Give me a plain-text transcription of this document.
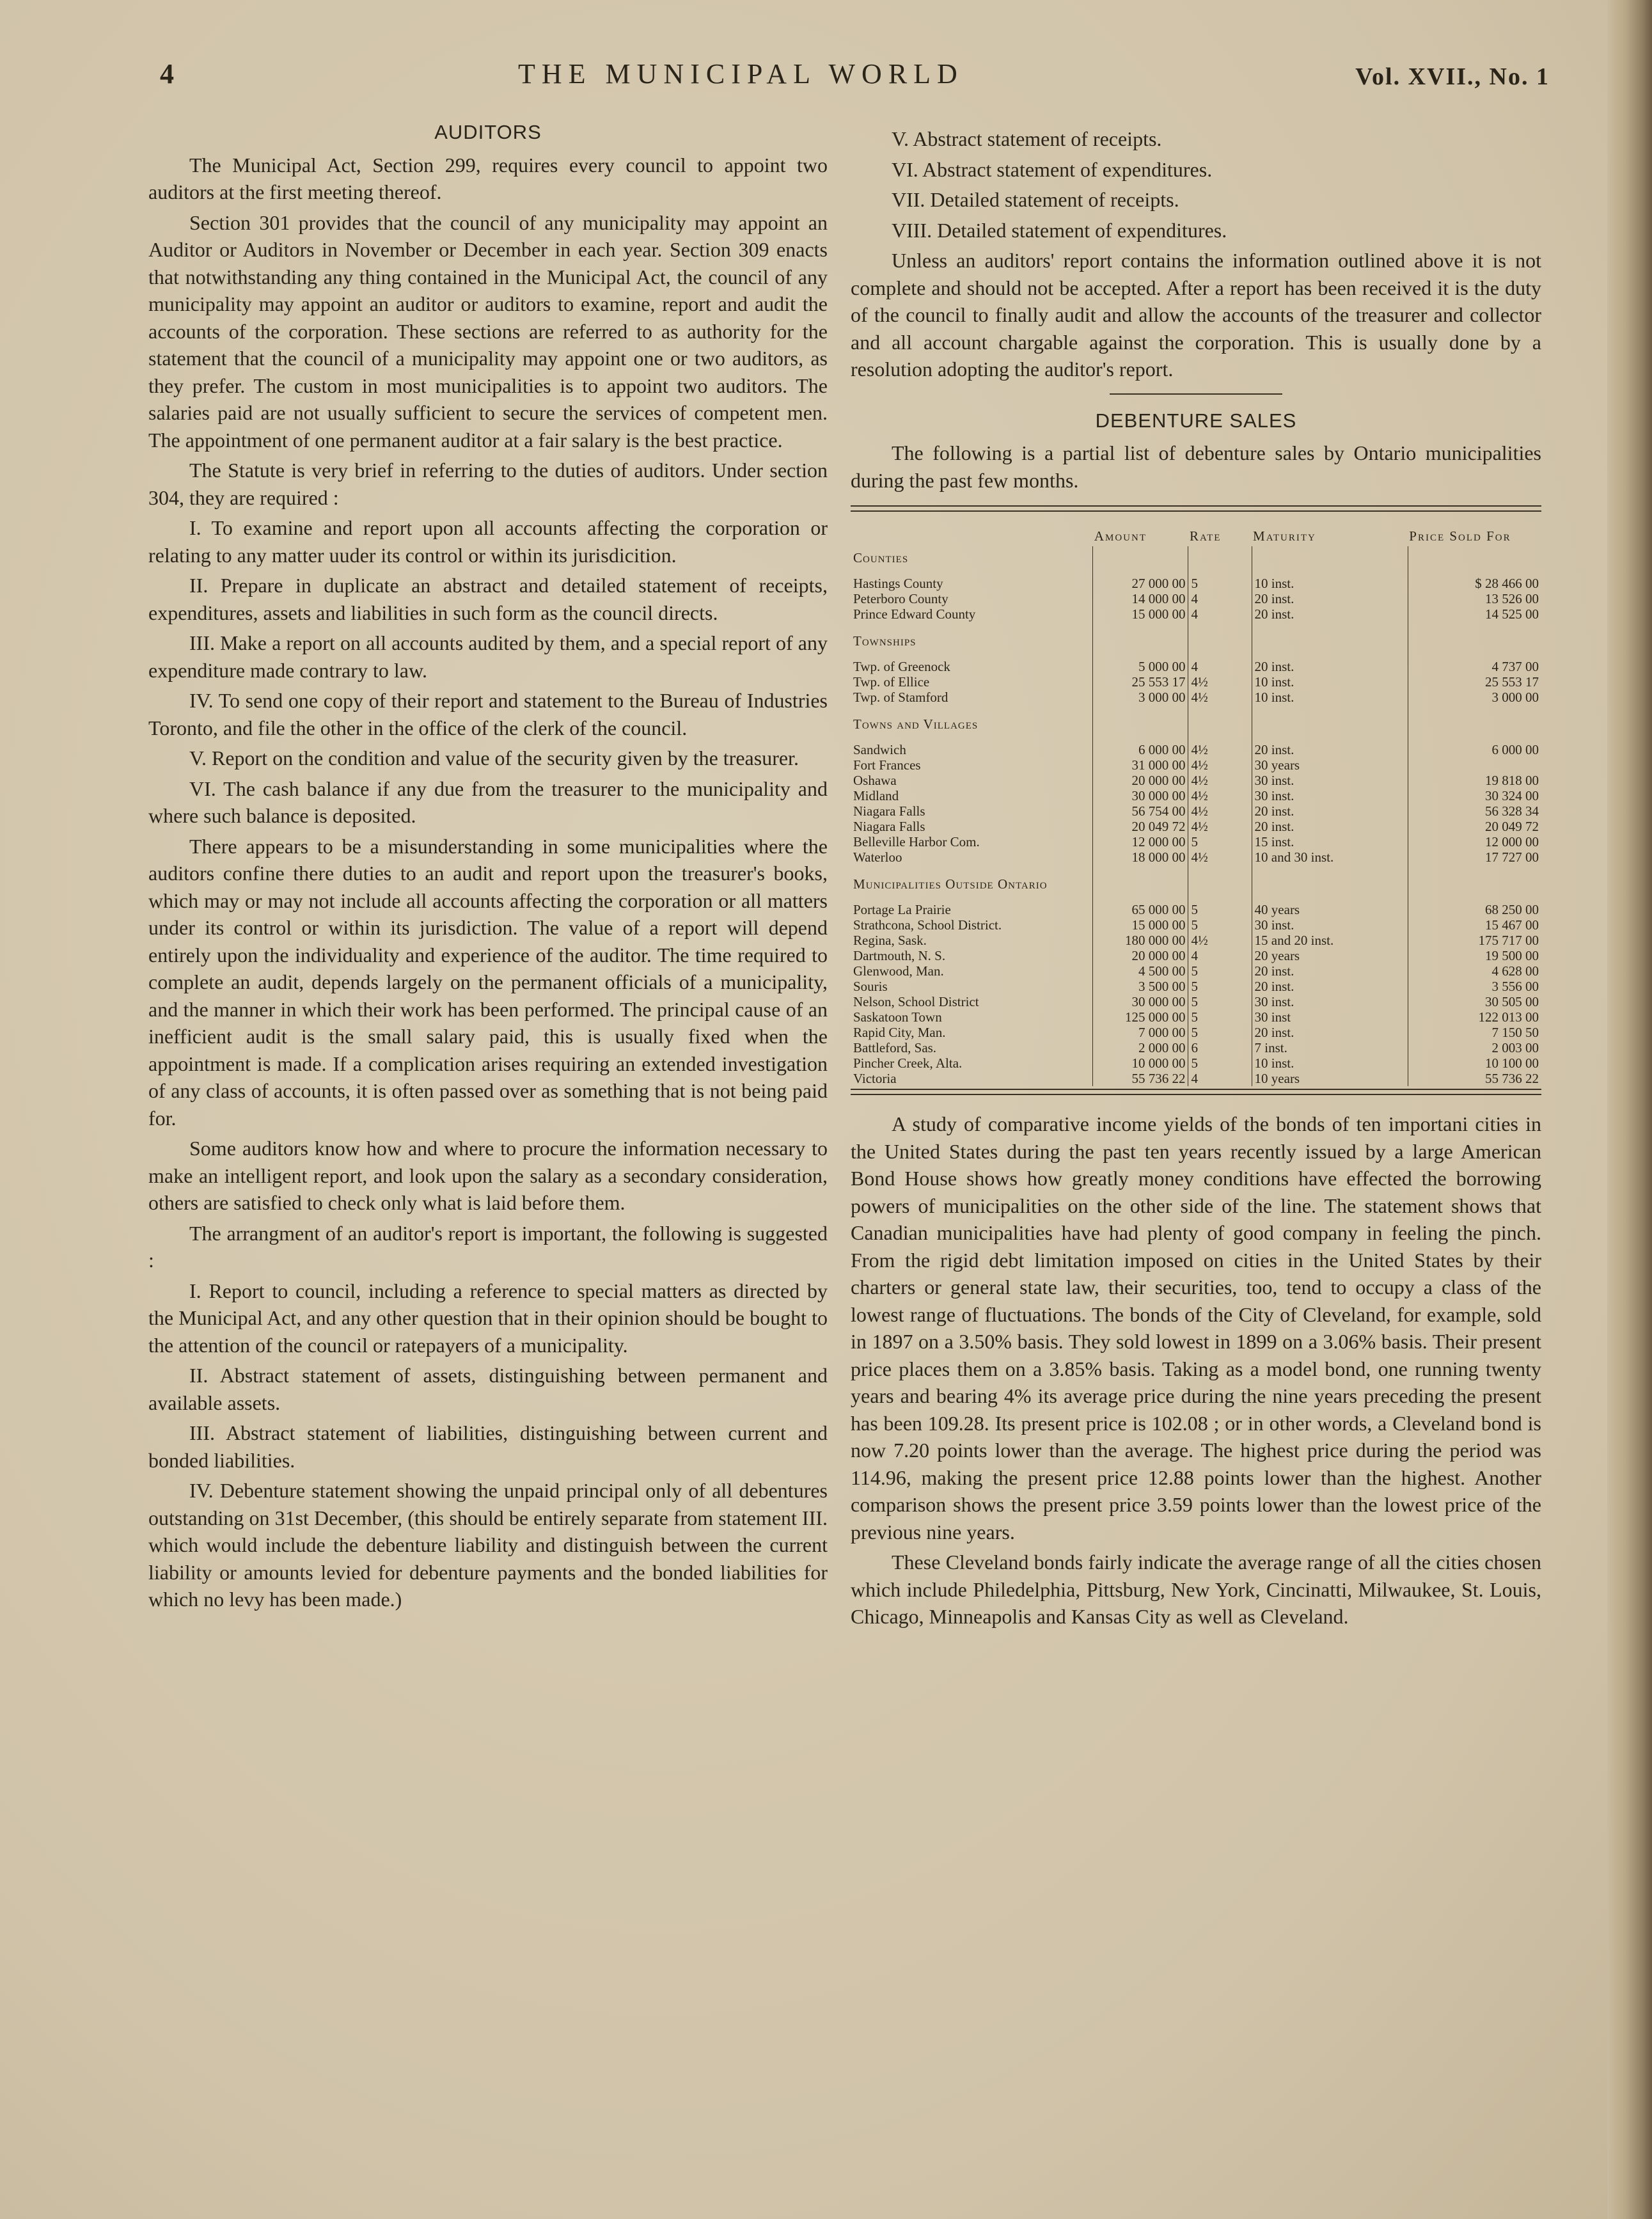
4	THE MUNICIPAL WORLD	Vol. XVII., No. 1
AUDITORS

The Municipal Act, Section 299, requires every council to appoint two auditors at the first meeting thereof.

Section 301 provides that the council of any municipality may appoint an Auditor or Auditors in November or December in each year. Section 309 enacts that notwithstanding any thing contained in the Municipal Act, the council of any municipality may appoint an auditor or auditors to examine, report and audit the accounts of the corporation. These sections are referred to as authority for the statement that the council of a municipality may appoint one or two auditors, as they prefer. The custom in most municipalities is to appoint two auditors. The salaries paid are not usually sufficient to secure the services of competent men. The appointment of one permanent auditor at a fair salary is the best practice.

The Statute is very brief in referring to the duties of auditors. Under section 304, they are required :

I. To examine and report upon all accounts affecting the corporation or relating to any matter uuder its control or within its jurisdicition.

II. Prepare in duplicate an abstract and detailed statement of receipts, expenditures, assets and liabilities in such form as the council directs.

III. Make a report on all accounts audited by them, and a special report of any expenditure made contrary to law.

IV. To send one copy of their report and statement to the Bureau of Industries Toronto, and file the other in the office of the clerk of the council.

V. Report on the condition and value of the security given by the treasurer.

VI. The cash balance if any due from the treasurer to the municipality and where such balance is deposited.

There appears to be a misunderstanding in some municipalities where the auditors confine there duties to an audit and report upon the treasurer's books, which may or may not include all accounts affecting the corporation or all matters under its control or within its jurisdiction. The value of a report will depend entirely upon the individuality and experience of the auditor. The time required to complete an audit, depends largely on the permanent officials of a municipality, and the manner in which their work has been performed. The principal cause of an inefficient audit is the small salary paid, this is usually fixed when the appointment is made. If a complication arises requiring an extended investigation of any class of accounts, it is often passed over as something that is not being paid for.

Some auditors know how and where to procure the information necessary to make an intelligent report, and look upon the salary as a secondary consideration, others are satisfied to check only what is laid before them.

The arrangment of an auditor's report is important, the following is suggested :

I. Report to council, including a reference to special matters as directed by the Municipal Act, and any other question that in their opinion should be bought to the attention of the council or ratepayers of a municipality.

II. Abstract statement of assets, distinguishing between permanent and available assets.

III. Abstract statement of liabilities, distinguishing between current and bonded liabilities.

IV. Debenture statement showing the unpaid principal only of all debentures outstanding on 31st December, (this should be entirely separate from statement III. which would include the debenture liability and distinguish between the current liability or amounts levied for debenture payments and the bonded liabilities for which no levy has been made.)

V. Abstract statement of receipts.

VI. Abstract statement of expenditures.

VII. Detailed statement of receipts.

VIII. Detailed statement of expenditures.

Unless an auditors' report contains the information outlined above it is not complete and should not be accepted. After a report has been received it is the duty of the council to finally audit and allow the accounts of the treasurer and collector and all account chargable against the corporation. This is usually done by a resolution adopting the auditor's report.

DEBENTURE SALES

The following is a partial list of debenture sales by Ontario municipalities during the past few months.

	Amount	Rate	Maturity	Price Sold For
Counties				
Hastings County	27 000 00	5	10 inst.	$ 28 466 00
Peterboro County	14 000 00	4	20 inst.	13 526 00
Prince Edward County	15 000 00	4	20 inst.	14 525 00
Townships				
Twp. of Greenock	5 000 00	4	20 inst.	4 737 00
Twp. of Ellice	25 553 17	4½	10 inst.	25 553 17
Twp. of Stamford	3 000 00	4½	10 inst.	3 000 00
Towns and Villages				
Sandwich	6 000 00	4½	20 inst.	6 000 00
Fort Frances	31 000 00	4½	30 years	
Oshawa	20 000 00	4½	30 inst.	19 818 00
Midland	30 000 00	4½	30 inst.	30 324 00
Niagara Falls	56 754 00	4½	20 inst.	56 328 34
Niagara Falls	20 049 72	4½	20 inst.	20 049 72
Belleville Harbor Com.	12 000 00	5	15 inst.	12 000 00
Waterloo	18 000 00	4½	10 and 30 inst.	17 727 00
Municipalities Outside Ontario				
Portage La Prairie	65 000 00	5	40 years	68 250 00
Strathcona, School District.	15 000 00	5	30 inst.	15 467 00
Regina, Sask.	180 000 00	4½	15 and 20 inst.	175 717 00
Dartmouth, N. S.	20 000 00	4	20 years	19 500 00
Glenwood, Man.	4 500 00	5	20 inst.	4 628 00
Souris	3 500 00	5	20 inst.	3 556 00
Nelson, School District	30 000 00	5	30 inst.	30 505 00
Saskatoon Town	125 000 00	5	30 inst	122 013 00
Rapid City, Man.	7 000 00	5	20 inst.	7 150 50
Battleford, Sas.	2 000 00	6	7 inst.	2 003 00
Pincher Creek, Alta.	10 000 00	5	10 inst.	10 100 00
Victoria	55 736 22	4	10 years	55 736 22

A study of comparative income yields of the bonds of ten importani cities in the United States during the past ten years recently issued by a large American Bond House shows how greatly money conditions have effected the borrowing powers of municipalities on the other side of the line. The statement shows that Canadian municipalities have had plenty of good company in feeling the pinch. From the rigid debt limitation imposed on cities in the United States by their charters or general state law, their securities, too, tend to occupy a class of the lowest range of fluctuations. The bonds of the City of Cleveland, for example, sold in 1897 on a 3.50% basis. They sold lowest in 1899 on a 3.06% basis. Their present price places them on a 3.85% basis. Taking as a model bond, one running twenty years and bearing 4% its average price during the nine years preceding the present has been 109.28. Its present price is 102.08 ; or in other words, a Cleveland bond is now 7.20 points lower than the average. The highest price during the period was 114.96, making the present price 12.88 points lower than the highest. Another comparison shows the present price 3.59 points lower than the lowest price of the previous nine years.

These Cleveland bonds fairly indicate the average range of all the cities chosen which include Philedelphia, Pittsburg, New York, Cincinatti, Milwaukee, St. Louis, Chicago, Minneapolis and Kansas City as well as Cleveland.
